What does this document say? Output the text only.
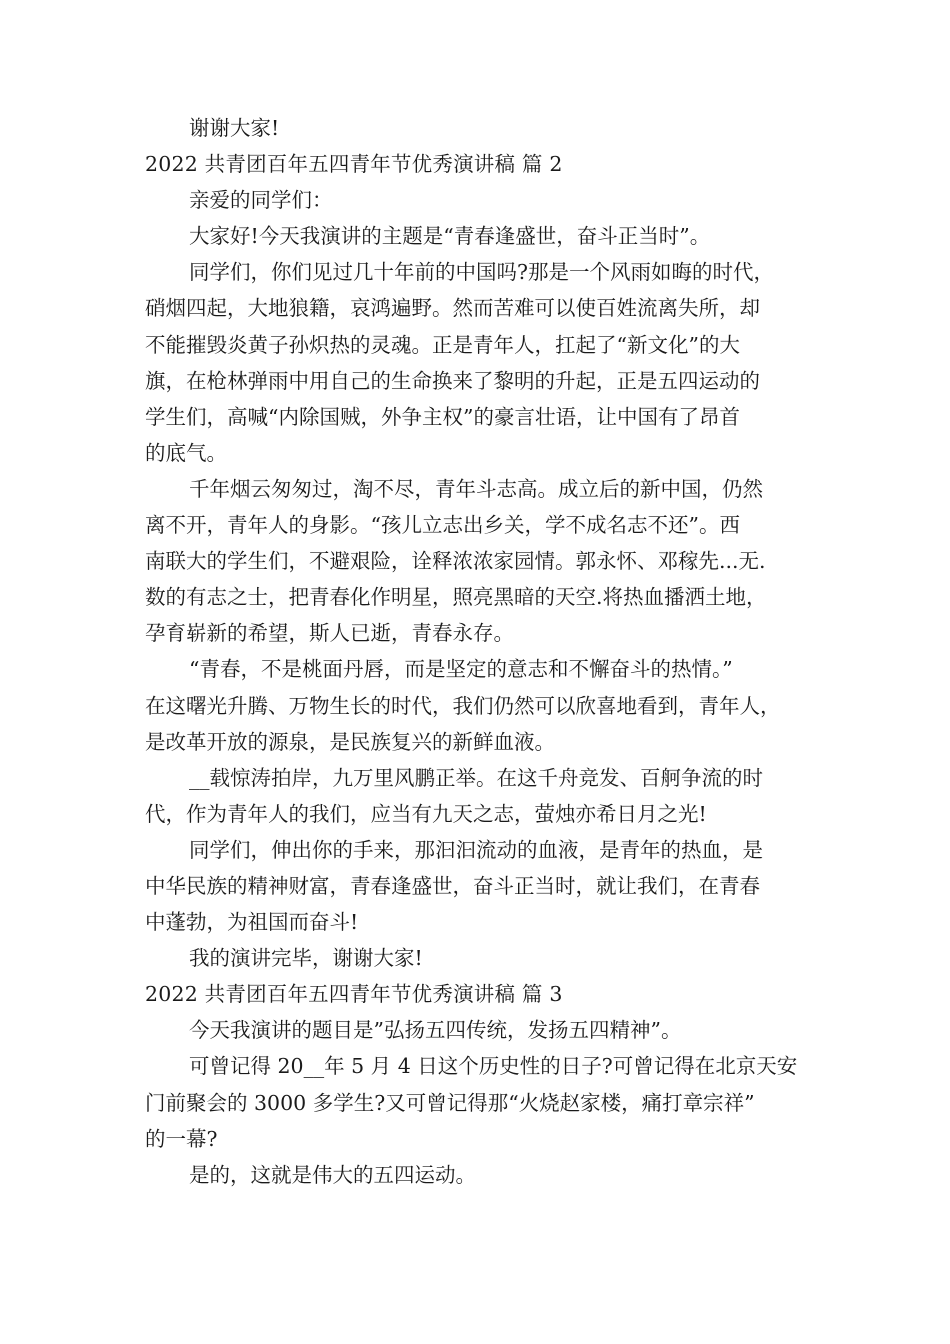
谢谢大家!

2022 共青团百年五四青年节优秀演讲稿 篇 2

亲爱的同学们：

大家好!今天我演讲的主题是“青春逢盛世，奋斗正当时”。

同学们，你们见过几十年前的中国吗?那是一个风雨如晦的时代，

硝烟四起，大地狼籍，哀鸿遍野。然而苦难可以使百姓流离失所，却

不能摧毁炎黄子孙炽热的灵魂。正是青年人，扛起了“新文化”的大

旗，在枪林弹雨中用自己的生命换来了黎明的升起，正是五四运动的

学生们，高喊“内除国贼，外争主权”的豪言壮语，让中国有了昂首

的底气。

千年烟云匆匆过，淘不尽，青年斗志高。成立后的新中国，仍然

离不开，青年人的身影。“孩儿立志出乡关，学不成名志不还”。西

南联大的学生们，不避艰险，诠释浓浓家园情。郭永怀、邓稼先...无.

数的有志之士，把青春化作明星，照亮黑暗的天空.将热血播洒土地，

孕育崭新的希望，斯人已逝，青春永存。

“青春，不是桃面丹唇，而是坚定的意志和不懈奋斗的热情。”

在这曙光升腾、万物生长的时代，我们仍然可以欣喜地看到，青年人，

是改革开放的源泉，是民族复兴的新鲜血液。

__载惊涛拍岸，九万里风鹏正举。在这千舟竞发、百舸争流的时

代，作为青年人的我们，应当有九天之志，萤烛亦希日月之光!

同学们，伸出你的手来，那汩汩流动的血液，是青年的热血，是

中华民族的精神财富，青春逢盛世，奋斗正当时，就让我们，在青春

中蓬勃，为祖国而奋斗!

我的演讲完毕，谢谢大家!

2022 共青团百年五四青年节优秀演讲稿 篇 3

今天我演讲的题目是”弘扬五四传统，发扬五四精神”。

可曾记得 20__年 5 月 4 日这个历史性的日子?可曾记得在北京天安

门前聚会的 3000 多学生?又可曾记得那“火烧赵家楼，痛打章宗祥”

的一幕?

是的，这就是伟大的五四运动。
